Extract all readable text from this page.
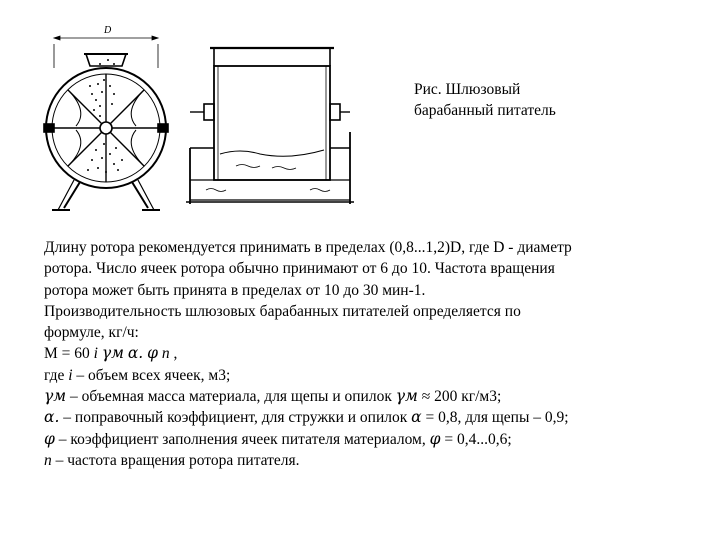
D
Рис. Шлюзовый
барабанный питатель
Длину ротора рекомендуется принимать в пределах (0,8...1,2)D, где D - диаметр
ротора. Число ячеек ротора обычно принимают от 6 до 10. Частота вращения
ротора может быть принята в пределах от 10 до 30 мин-1.
Производительность шлюзовых барабанных питателей определяется по
формуле, кг/ч:
M = 60 i γм α. φ n ,
где i – объем всех ячеек, м3;
γм – объемная масса материала, для щепы и опилок γм ≈ 200 кг/м3;
α. – поправочный коэффициент, для стружки и опилок α = 0,8, для щепы – 0,9;
φ – коэффициент заполнения ячеек питателя материалом, φ = 0,4...0,6;
n – частота вращения ротора питателя.
